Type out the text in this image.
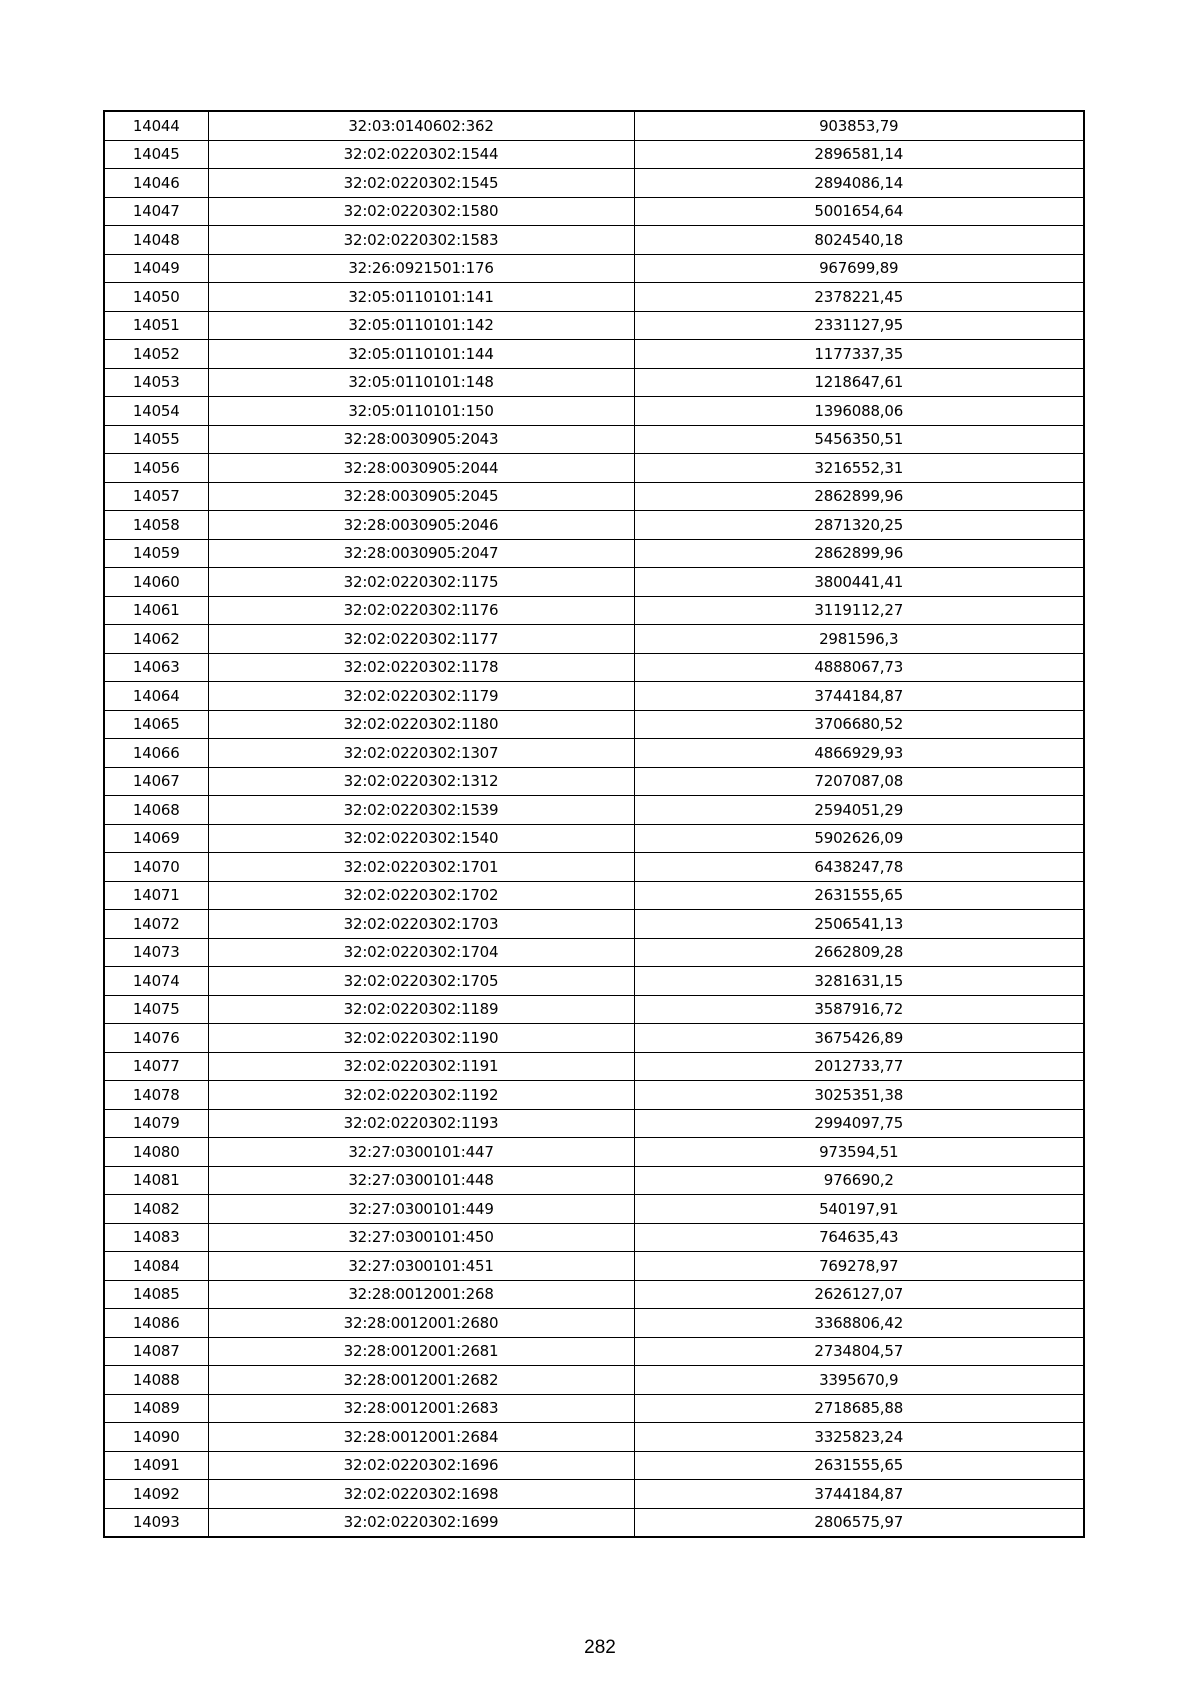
14044	32:03:0140602:362	903853,79
14045	32:02:0220302:1544	2896581,14
14046	32:02:0220302:1545	2894086,14
14047	32:02:0220302:1580	5001654,64
14048	32:02:0220302:1583	8024540,18
14049	32:26:0921501:176	967699,89
14050	32:05:0110101:141	2378221,45
14051	32:05:0110101:142	2331127,95
14052	32:05:0110101:144	1177337,35
14053	32:05:0110101:148	1218647,61
14054	32:05:0110101:150	1396088,06
14055	32:28:0030905:2043	5456350,51
14056	32:28:0030905:2044	3216552,31
14057	32:28:0030905:2045	2862899,96
14058	32:28:0030905:2046	2871320,25
14059	32:28:0030905:2047	2862899,96
14060	32:02:0220302:1175	3800441,41
14061	32:02:0220302:1176	3119112,27
14062	32:02:0220302:1177	2981596,3
14063	32:02:0220302:1178	4888067,73
14064	32:02:0220302:1179	3744184,87
14065	32:02:0220302:1180	3706680,52
14066	32:02:0220302:1307	4866929,93
14067	32:02:0220302:1312	7207087,08
14068	32:02:0220302:1539	2594051,29
14069	32:02:0220302:1540	5902626,09
14070	32:02:0220302:1701	6438247,78
14071	32:02:0220302:1702	2631555,65
14072	32:02:0220302:1703	2506541,13
14073	32:02:0220302:1704	2662809,28
14074	32:02:0220302:1705	3281631,15
14075	32:02:0220302:1189	3587916,72
14076	32:02:0220302:1190	3675426,89
14077	32:02:0220302:1191	2012733,77
14078	32:02:0220302:1192	3025351,38
14079	32:02:0220302:1193	2994097,75
14080	32:27:0300101:447	973594,51
14081	32:27:0300101:448	976690,2
14082	32:27:0300101:449	540197,91
14083	32:27:0300101:450	764635,43
14084	32:27:0300101:451	769278,97
14085	32:28:0012001:268	2626127,07
14086	32:28:0012001:2680	3368806,42
14087	32:28:0012001:2681	2734804,57
14088	32:28:0012001:2682	3395670,9
14089	32:28:0012001:2683	2718685,88
14090	32:28:0012001:2684	3325823,24
14091	32:02:0220302:1696	2631555,65
14092	32:02:0220302:1698	3744184,87
14093	32:02:0220302:1699	2806575,97
282
